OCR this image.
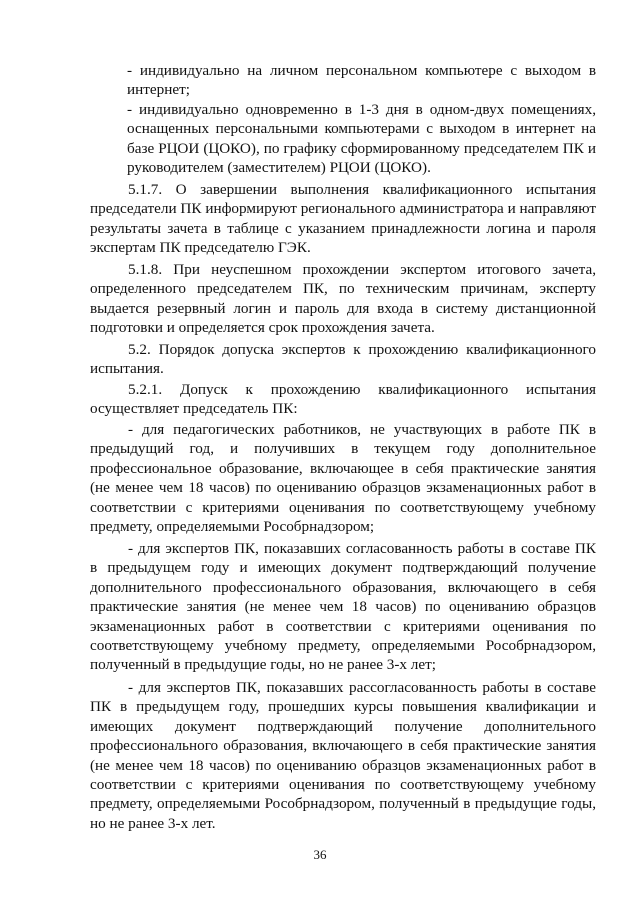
- индивидуально на личном персональном компьютере с выходом в интернет;
- индивидуально одновременно в 1-3 дня в одном-двух помещениях, оснащенных персональными компьютерами с выходом в интернет на базе РЦОИ (ЦОКО), по графику сформированному председателем ПК и руководителем (заместителем) РЦОИ (ЦОКО).
5.1.7. О завершении выполнения квалификационного испытания председатели ПК информируют регионального администратора и направляют результаты зачета в таблице с указанием принадлежности логина и пароля экспертам ПК председателю ГЭК.
5.1.8. При неуспешном прохождении экспертом итогового зачета, определенного председателем ПК, по техническим причинам, эксперту выдается резервный логин и пароль для входа в систему дистанционной подготовки и определяется срок прохождения зачета.
5.2. Порядок допуска экспертов к прохождению квалификационного испытания.
5.2.1. Допуск к прохождению квалификационного испытания осуществляет председатель ПК:
- для педагогических работников, не участвующих в работе ПК в предыдущий год, и получивших в текущем году дополнительное профессиональное образование, включающее в себя практические занятия (не менее чем 18 часов) по оцениванию образцов экзаменационных работ в соответствии с критериями оценивания по соответствующему учебному предмету, определяемыми Рособрнадзором;
- для экспертов ПК, показавших согласованность работы в составе ПК в предыдущем году и имеющих документ подтверждающий получение дополнительного профессионального образования, включающего в себя практические занятия (не менее чем 18 часов) по оцениванию образцов экзаменационных работ в соответствии с критериями оценивания по соответствующему учебному предмету, определяемыми Рособрнадзором, полученный в предыдущие годы, но не ранее 3-х лет;
- для экспертов ПК, показавших рассогласованность работы в составе ПК в предыдущем году, прошедших курсы повышения квалификации и имеющих документ подтверждающий получение дополнительного профессионального образования, включающего в себя практические занятия (не менее чем 18 часов) по оцениванию образцов экзаменационных работ в соответствии с критериями оценивания по соответствующему учебному предмету, определяемыми Рособрнадзором, полученный в предыдущие годы, но не ранее 3-х лет.
36
